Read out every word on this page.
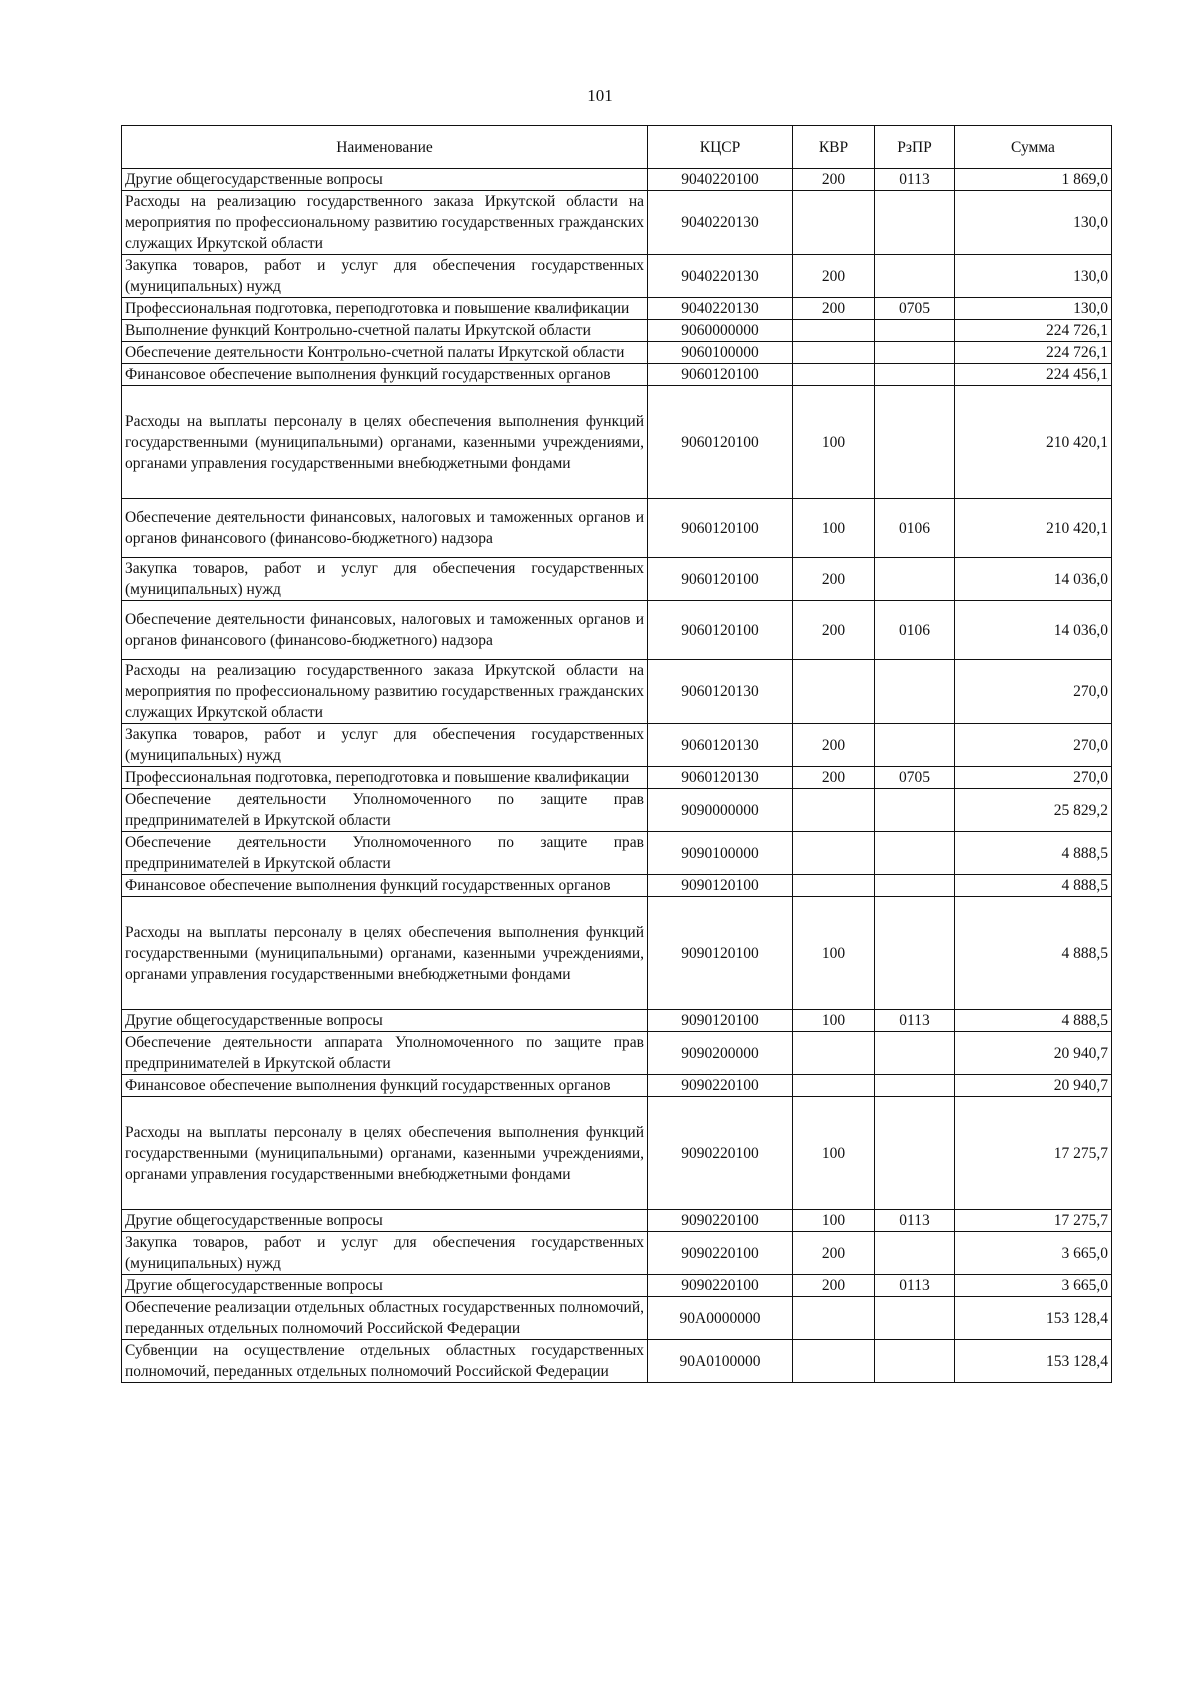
101
Наименование	КЦСР	КВР	РзПР	Сумма
Другие общегосударственные вопросы	9040220100	200	0113	1 869,0
Расходы на реализацию государственного заказа Иркутской области на мероприятия по профессиональному развитию государственных гражданских служащих Иркутской области	9040220130			130,0
Закупка товаров, работ и услуг для обеспечения государственных (муниципальных) нужд	9040220130	200		130,0
Профессиональная подготовка, переподготовка и повышение квалификации	9040220130	200	0705	130,0
Выполнение функций Контрольно-счетной палаты Иркутской области	9060000000			224 726,1
Обеспечение деятельности Контрольно-счетной палаты Иркутской области	9060100000			224 726,1
Финансовое обеспечение выполнения функций государственных органов	9060120100			224 456,1
Расходы на выплаты персоналу в целях обеспечения выполнения функций государственными (муниципальными) органами, казенными учреждениями, органами управления государственными внебюджетными фондами	9060120100	100		210 420,1
Обеспечение деятельности финансовых, налоговых и таможенных органов и органов финансового (финансово-бюджетного) надзора	9060120100	100	0106	210 420,1
Закупка товаров, работ и услуг для обеспечения государственных (муниципальных) нужд	9060120100	200		14 036,0
Обеспечение деятельности финансовых, налоговых и таможенных органов и органов финансового (финансово-бюджетного) надзора	9060120100	200	0106	14 036,0
Расходы на реализацию государственного заказа Иркутской области на мероприятия по профессиональному развитию государственных гражданских служащих Иркутской области	9060120130			270,0
Закупка товаров, работ и услуг для обеспечения государственных (муниципальных) нужд	9060120130	200		270,0
Профессиональная подготовка, переподготовка и повышение квалификации	9060120130	200	0705	270,0
Обеспечение деятельности Уполномоченного по защите прав предпринимателей в Иркутской области	9090000000			25 829,2
Обеспечение деятельности Уполномоченного по защите прав предпринимателей в Иркутской области	9090100000			4 888,5
Финансовое обеспечение выполнения функций государственных органов	9090120100			4 888,5
Расходы на выплаты персоналу в целях обеспечения выполнения функций государственными (муниципальными) органами, казенными учреждениями, органами управления государственными внебюджетными фондами	9090120100	100		4 888,5
Другие общегосударственные вопросы	9090120100	100	0113	4 888,5
Обеспечение деятельности аппарата Уполномоченного по защите прав предпринимателей в Иркутской области	9090200000			20 940,7
Финансовое обеспечение выполнения функций государственных органов	9090220100			20 940,7
Расходы на выплаты персоналу в целях обеспечения выполнения функций государственными (муниципальными) органами, казенными учреждениями, органами управления государственными внебюджетными фондами	9090220100	100		17 275,7
Другие общегосударственные вопросы	9090220100	100	0113	17 275,7
Закупка товаров, работ и услуг для обеспечения государственных (муниципальных) нужд	9090220100	200		3 665,0
Другие общегосударственные вопросы	9090220100	200	0113	3 665,0
Обеспечение реализации отдельных областных государственных полномочий, переданных отдельных полномочий Российской Федерации	90А0000000			153 128,4
Субвенции на осуществление отдельных областных государственных полномочий, переданных отдельных полномочий Российской Федерации	90А0100000			153 128,4
